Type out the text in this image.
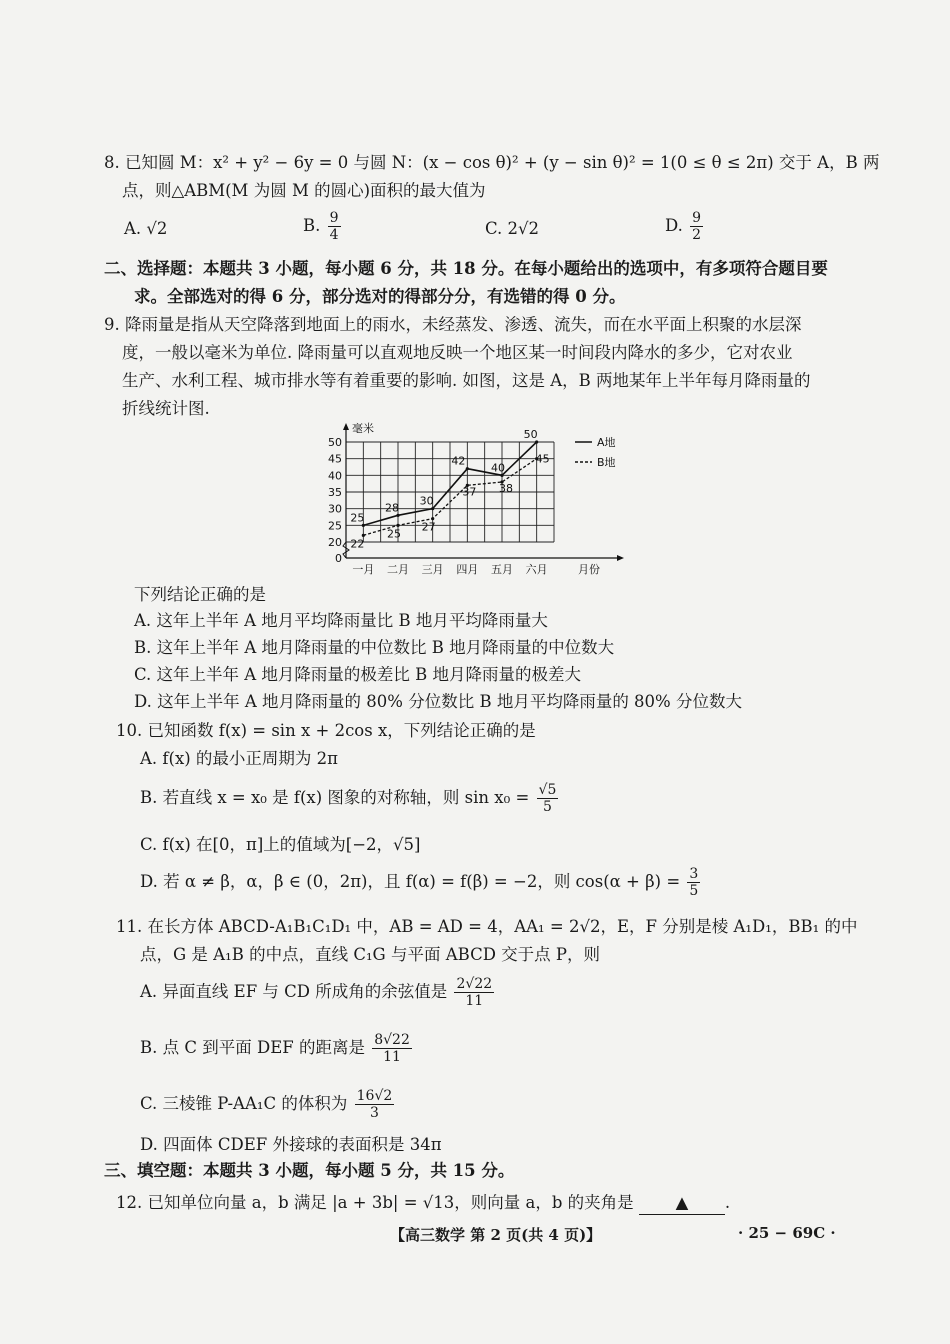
8. 已知圆 M：x² + y² − 6y = 0 与圆 N：(x − cos θ)² + (y − sin θ)² = 1(0 ≤ θ ≤ 2π) 交于 A，B 两
点，则△ABM(M 为圆 M 的圆心)面积的最大值为
A. √2	B. $\frac{9}{4}$	C. 2√2	D. $\frac{9}{2}$
二、选择题：本题共 3 小题，每小题 6 分，共 18 分。在每小题给出的选项中，有多项符合题目要
求。全部选对的得 6 分，部分选对的得部分分，有选错的得 0 分。
9. 降雨量是指从天空降落到地面上的雨水，未经蒸发、渗透、流失，而在水平面上积聚的水层深
度，一般以毫米为单位. 降雨量可以直观地反映一个地区某一时间段内降水的多少，它对农业
生产、水利工程、城市排水等有着重要的影响. 如图，这是 A，B 两地某年上半年每月降雨量的
折线统计图.
0
20
25
30
35
40
45
50
毫米
一月 二月 三月 四月 五月 六月	月份
25
28
30
42
40
50
22
25
27
37 38
45
A地
B地
下列结论正确的是
A. 这年上半年 A 地月平均降雨量比 B 地月平均降雨量大
B. 这年上半年 A 地月降雨量的中位数比 B 地月降雨量的中位数大
C. 这年上半年 A 地月降雨量的极差比 B 地月降雨量的极差大
D. 这年上半年 A 地月降雨量的 80% 分位数比 B 地月平均降雨量的 80% 分位数大
10. 已知函数 f(x) = sin x + 2cos x，下列结论正确的是
A. f(x) 的最小正周期为 2π
B. 若直线 x = x₀ 是 f(x) 图象的对称轴，则 $\sin x_0 = \frac{√5}{5}$
C. f(x) 在[0，π]上的值域为[−2，√5]
D. 若 α ≠ β，α，β ∈ (0，2π)，且 f(α) = f(β) = −2，则 $\cos(\alpha + \beta) = \frac{3}{5}$
11. 在长方体 ABCD-A₁B₁C₁D₁ 中，AB = AD = 4，AA₁ = 2√2，E，F 分别是棱 A₁D₁，BB₁ 的中
点，G 是 A₁B 的中点，直线 C₁G 与平面 ABCD 交于点 P，则
A. 异面直线 EF 与 CD 所成角的余弦值是 $\frac{2√22}{11}$
B. 点 C 到平面 DEF 的距离是 $\frac{8√22}{11}$
C. 三棱锥 P-AA₁C 的体积为 $\frac{16√2}{3}$
D. 四面体 CDEF 外接球的表面积是 34π
三、填空题：本题共 3 小题，每小题 5 分，共 15 分。
12. 已知单位向量 a，b 满足 |a + 3b| = √13，则向量 a，b 的夹角是	▲ .
【高三数学 第 2 页(共 4 页)】	· 25 − 69C ·
